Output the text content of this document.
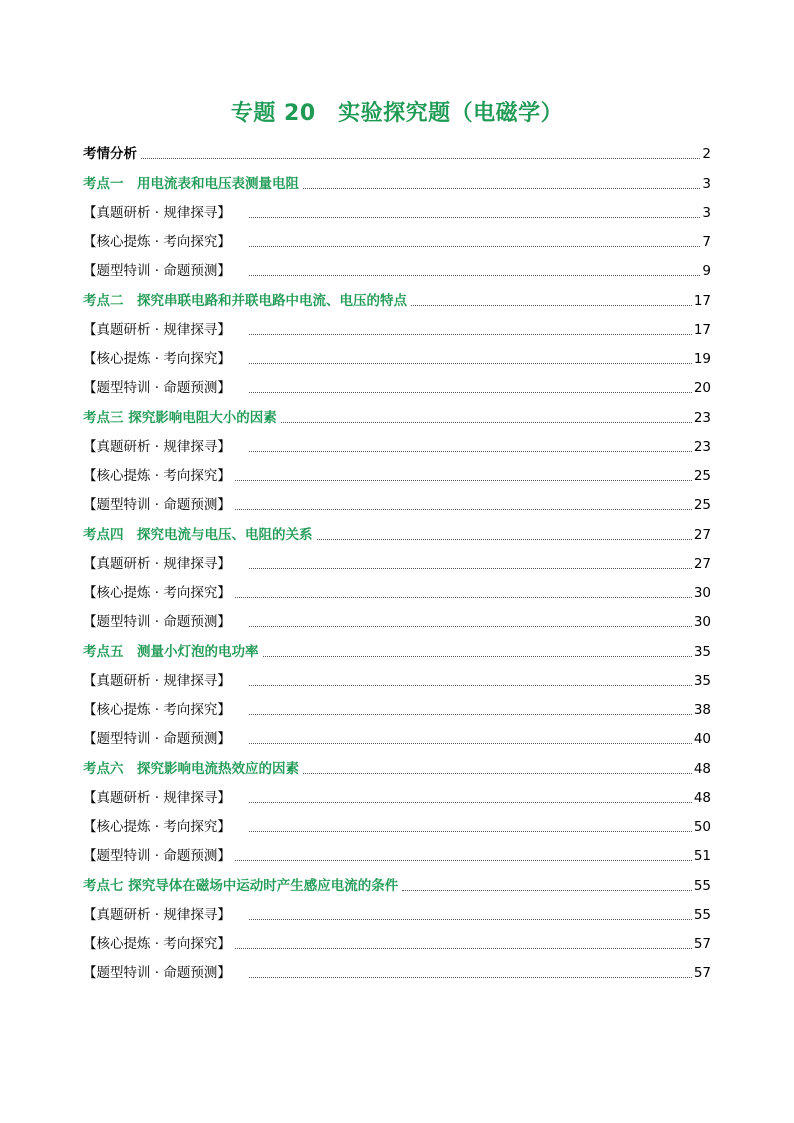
专题 20　实验探究题（电磁学）
考情分析	2
考点一　用电流表和电压表测量电阻	3
【真题研析 · 规律探寻】	3
【核心提炼 · 考向探究】	7
【题型特训 · 命题预测】	9
考点二　探究串联电路和并联电路中电流、电压的特点	17
【真题研析 · 规律探寻】	17
【核心提炼 · 考向探究】	19
【题型特训 · 命题预测】	20
考点三 探究影响电阻大小的因素	23
【真题研析 · 规律探寻】	23
【核心提炼 · 考向探究】	25
【题型特训 · 命题预测】	25
考点四　探究电流与电压、电阻的关系	27
【真题研析 · 规律探寻】	27
【核心提炼 · 考向探究】	30
【题型特训 · 命题预测】	30
考点五　测量小灯泡的电功率	35
【真题研析 · 规律探寻】	35
【核心提炼 · 考向探究】	38
【题型特训 · 命题预测】	40
考点六　探究影响电流热效应的因素	48
【真题研析 · 规律探寻】	48
【核心提炼 · 考向探究】	50
【题型特训 · 命题预测】	51
考点七 探究导体在磁场中运动时产生感应电流的条件	55
【真题研析 · 规律探寻】	55
【核心提炼 · 考向探究】	57
【题型特训 · 命题预测】	57
